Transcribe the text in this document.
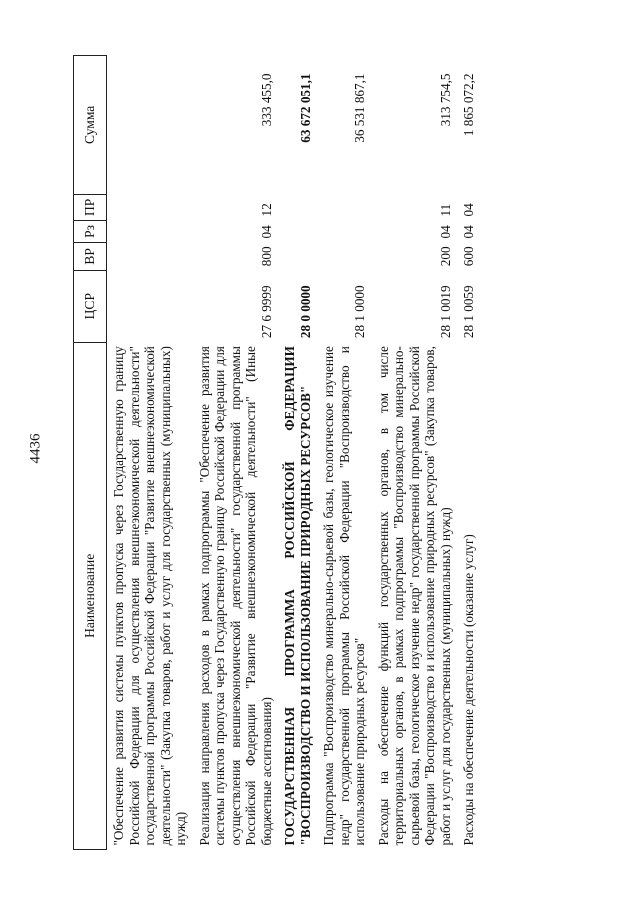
4436
Наименование	ЦСР	ВР	Рз	ПР	Сумма
"Обеспечение развития системы пунктов пропуска через Государственную границу Российской Федерации для осуществления внешнеэкономической деятельности" государственной программы Российской Федерации "Развитие внешнеэкономической деятельности" (Закупка товаров, работ и услуг для государственных (муниципальных) нужд)					
Реализация направления расходов в рамках подпрограммы "Обеспечение развития системы пунктов пропуска через Государственную границу Российской Федерации для осуществления внешнеэкономической деятельности" государственной программы Российской Федерации "Развитие внешнеэкономической деятельности" (Иные бюджетные ассигнования)	27 6 9999	800	04	12	333 455,0
ГОСУДАРСТВЕННАЯ ПРОГРАММА РОССИЙСКОЙ ФЕДЕРАЦИИ "ВОСПРОИЗВОДСТВО И ИСПОЛЬЗОВАНИЕ ПРИРОДНЫХ РЕСУРСОВ"	28 0 0000				63 672 051,1
Подпрограмма "Воспроизводство минерально-сырьевой базы, геологическое изучение недр" государственной программы Российской Федерации "Воспроизводство и использование природных ресурсов"	28 1 0000				36 531 867,1
Расходы на обеспечение функций государственных органов, в том числе территориальных органов, в рамках подпрограммы "Воспроизводство минерально-сырьевой базы, геологическое изучение недр" государственной программы Российской Федерации "Воспроизводство и использование природных ресурсов" (Закупка товаров, работ и услуг для государственных (муниципальных) нужд)	28 1 0019	200	04	11	313 754,5
Расходы на обеспечение деятельности (оказание услуг)	28 1 0059	600	04	04	1 865 072,2
